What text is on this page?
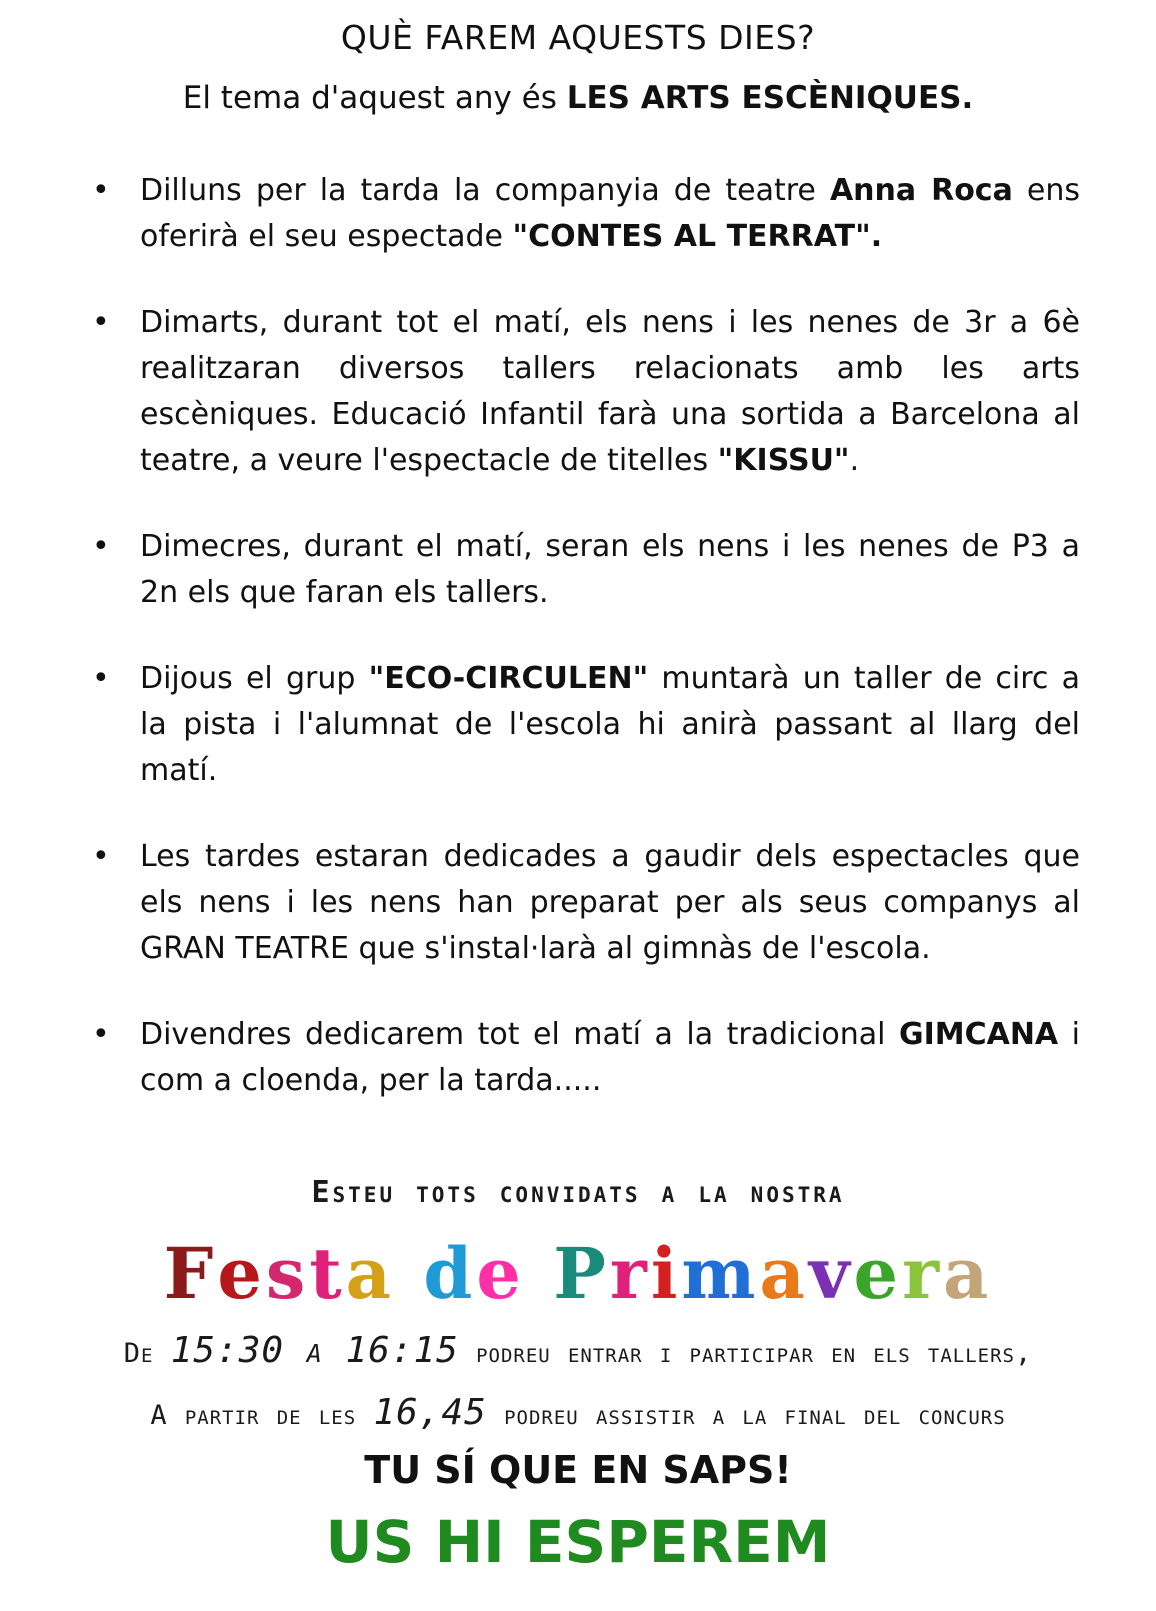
QUÈ FAREM AQUESTS DIES?
El tema d'aquest any és LES ARTS ESCÈNIQUES.
• Dilluns per la tarda la companyia de teatre Anna Roca ens oferirà el seu espectade "CONTES AL TERRAT".
• Dimarts, durant tot el matí, els nens i les nenes de 3r a 6è realitzaran diversos tallers relacionats amb les arts escèniques. Educació Infantil farà una sortida a Barcelona al teatre, a veure l'espectacle de titelles "KISSU".
• Dimecres, durant el matí, seran els nens i les nenes de P3 a 2n els que faran els tallers.
• Dijous el grup "ECO-CIRCULEN" muntarà un taller de circ a la pista i l'alumnat de l'escola hi anirà passant al llarg del matí.
• Les tardes estaran dedicades a gaudir dels espectacles que els nens i les nens han preparat per als seus companys al GRAN TEATRE que s'instal·larà al gimnàs de l'escola.
• Divendres dedicarem tot el matí a la tradicional GIMCANA i com a cloenda, per la tarda.....
Esteu tots convidats a la nostra
Festa de Primavera
De 15:30 a 16:15 podreu entrar i participar en els tallers,
A partir de les 16,45 podreu assistir a la final del concurs
TU SÍ QUE EN SAPS!
US HI ESPEREM
